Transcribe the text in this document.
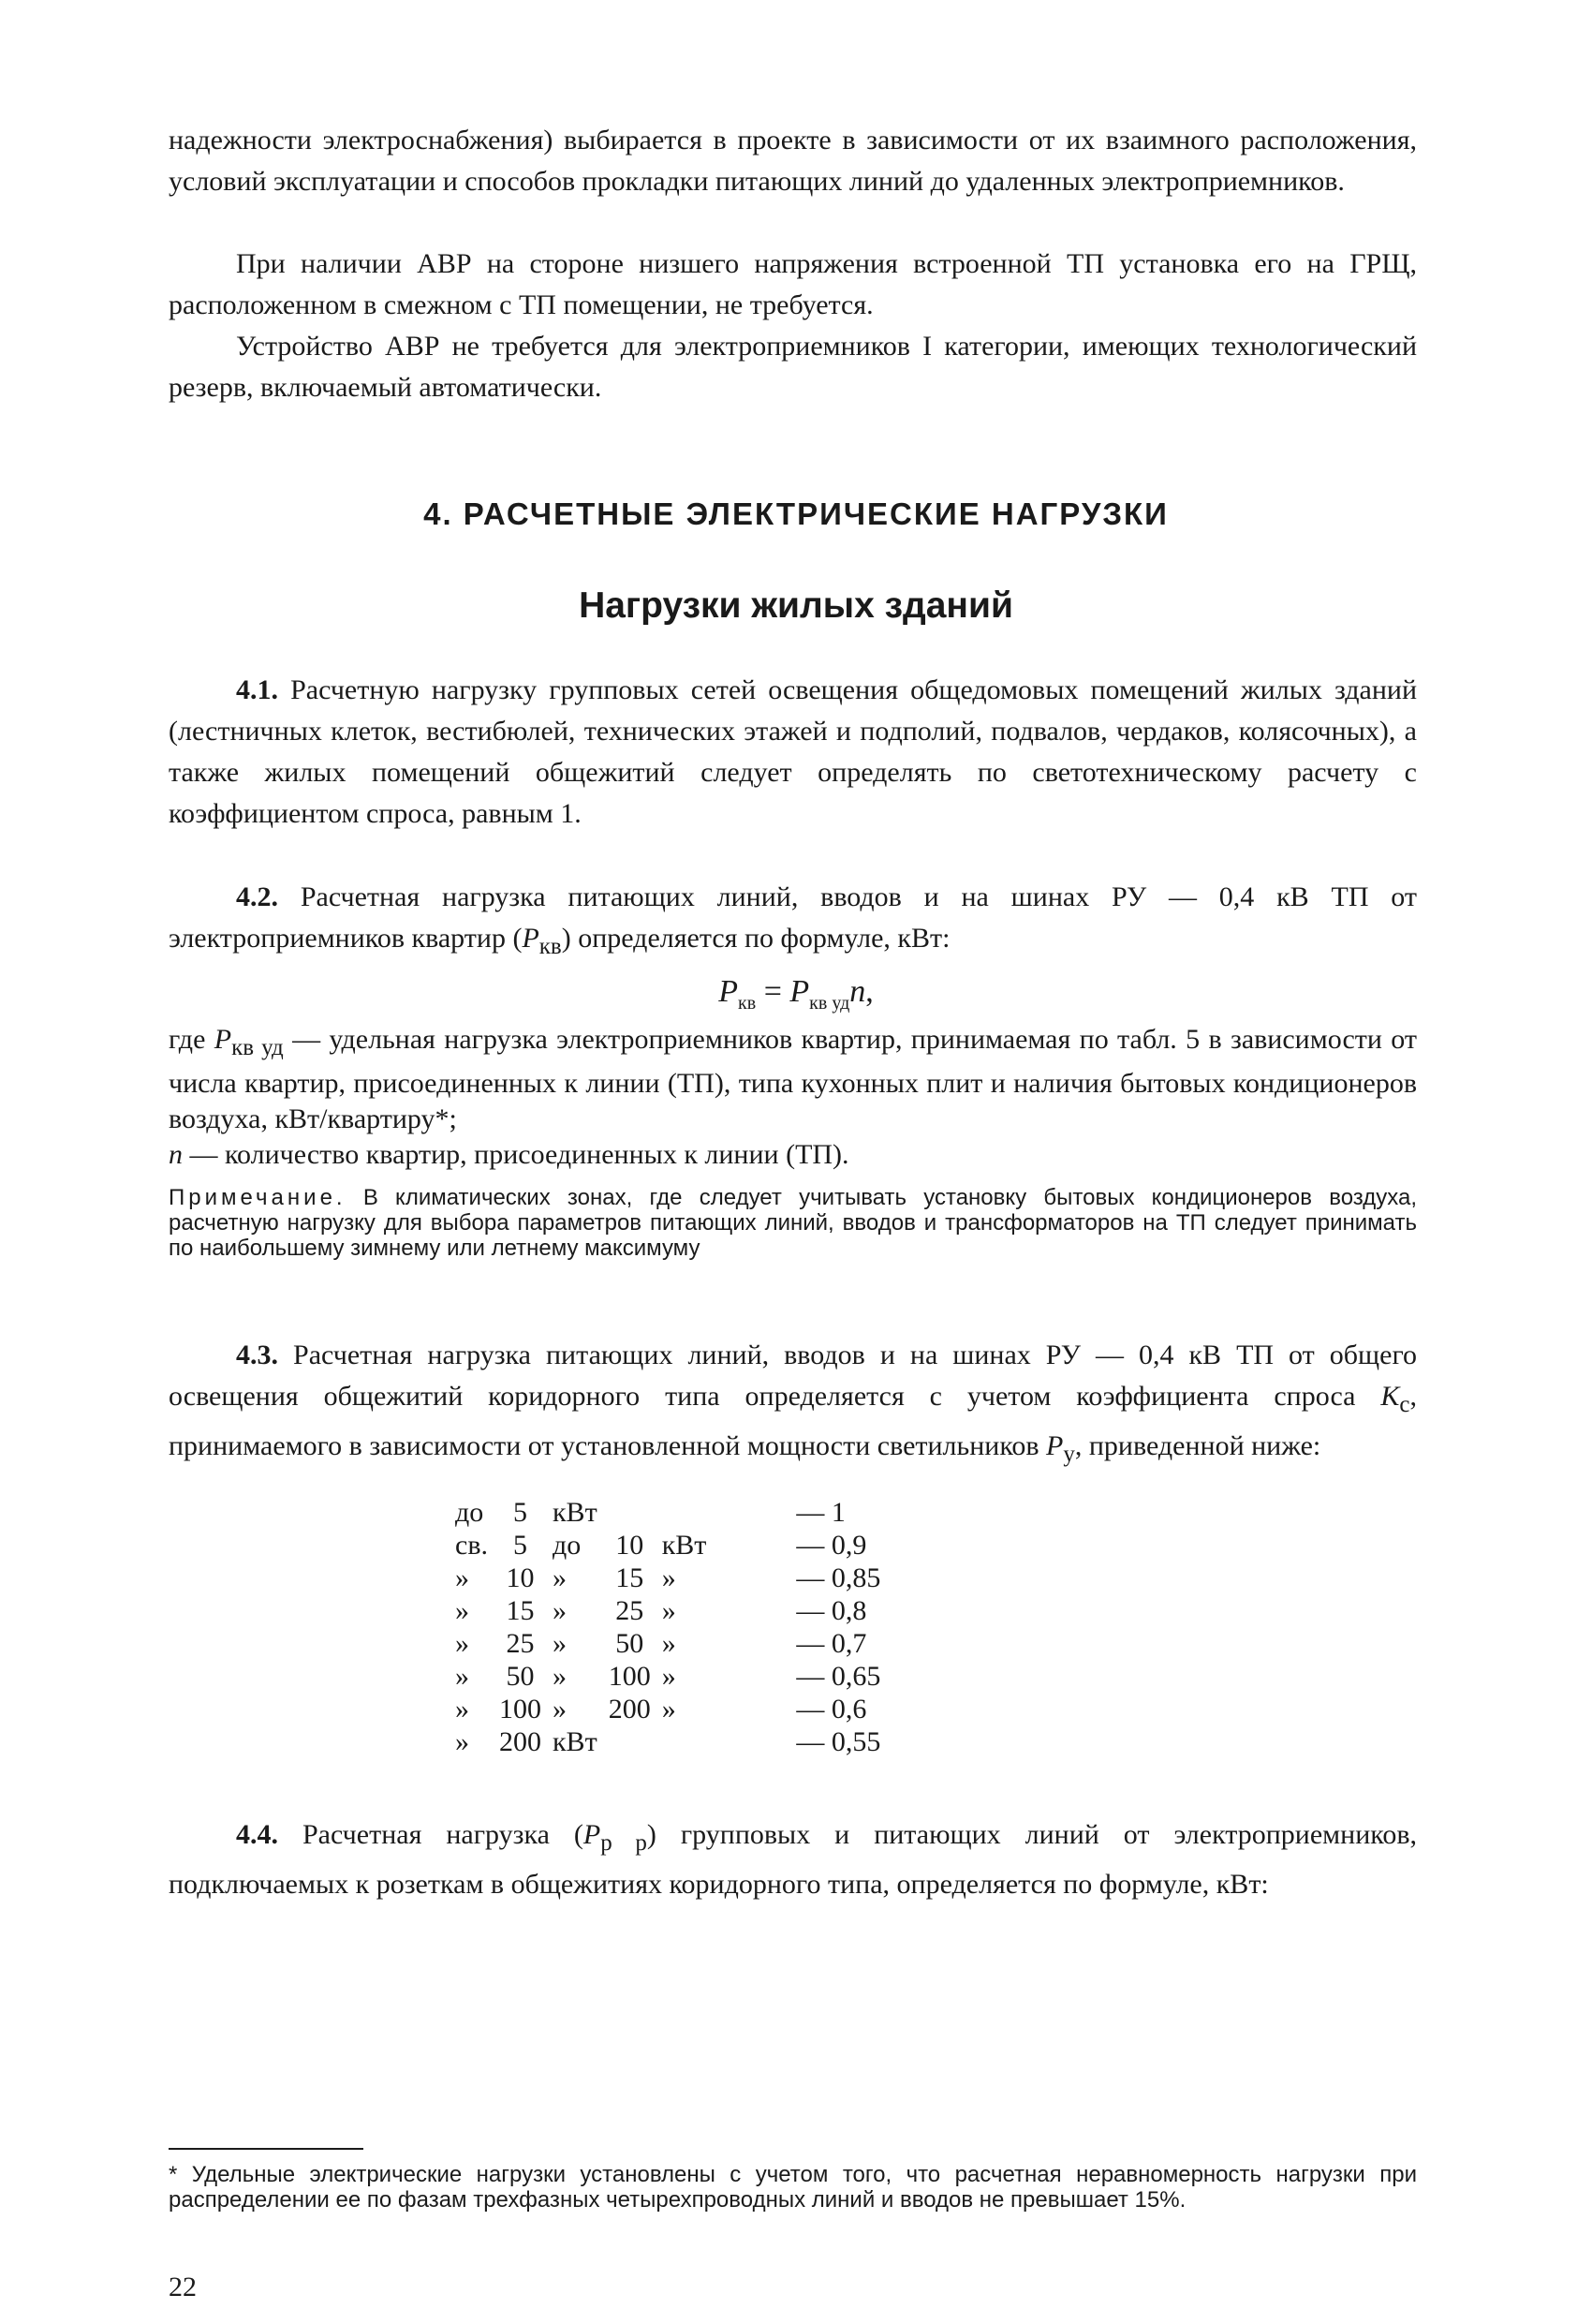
надежности электроснабжения) выбирается в проекте в зависимости от их взаимного расположения, условий эксплуатации и способов прокладки питающих линий до удаленных электроприемников.

При наличии АВР на стороне низшего напряжения встроенной ТП установка его на ГРЩ, расположенном в смежном с ТП помещении, не требуется.

Устройство АВР не требуется для электроприемников I категории, имеющих технологический резерв, включаемый автоматически.

4. РАСЧЕТНЫЕ ЭЛЕКТРИЧЕСКИЕ НАГРУЗКИ
Нагрузки жилых зданий

4.1. Расчетную нагрузку групповых сетей освещения общедомовых помещений жилых зданий (лестничных клеток, вестибюлей, технических этажей и подполий, подвалов, чердаков, колясочных), а также жилых помещений общежитий следует определять по светотехническому расчету с коэффициентом спроса, равным 1.

4.2. Расчетная нагрузка питающих линий, вводов и на шинах РУ — 0,4 кВ ТП от электроприемников квартир $(P_{кв})$ определяется по формуле, кВт:

$P_{кв} = P_{кв уд}n$,

где $P_{кв уд}$ — удельная нагрузка электроприемников квартир, принимаемая по табл. 5 в зависимости от числа квартир, присоединенных к линии (ТП), типа кухонных плит и наличия бытовых кондиционеров воздуха, кВт/квартиру*;
n — количество квартир, присоединенных к линии (ТП).

Примечание. В климатических зонах, где следует учитывать установку бытовых кондиционеров воздуха, расчетную нагрузку для выбора параметров питающих линий, вводов и трансформаторов на ТП следует принимать по наибольшему зимнему или летнему максимуму

4.3. Расчетная нагрузка питающих линий, вводов и на шинах РУ — 0,4 кВ ТП от общего освещения общежитий коридорного типа определяется с учетом коэффициента спроса $K_с$, принимаемого в зависимости от установленной мощности светильников $P_у$, приведенной ниже:

до	5	кВт			— 1
св.	5	до	10	кВт	— 0,9
»	10	»	15	»	— 0,85
»	15	»	25	»	— 0,8
»	25	»	50	»	— 0,7
»	50	»	100	»	— 0,65
»	100	»	200	»	— 0,6
»	200	кВт			— 0,55

4.4. Расчетная нагрузка $(P_{р р})$ групповых и питающих линий от электроприемников, подключаемых к розеткам в общежитиях коридорного типа, определяется по формуле, кВт:

* Удельные электрические нагрузки установлены с учетом того, что расчетная неравномерность нагрузки при распределении ее по фазам трехфазных четырехпроводных линий и вводов не превышает 15%.

22
